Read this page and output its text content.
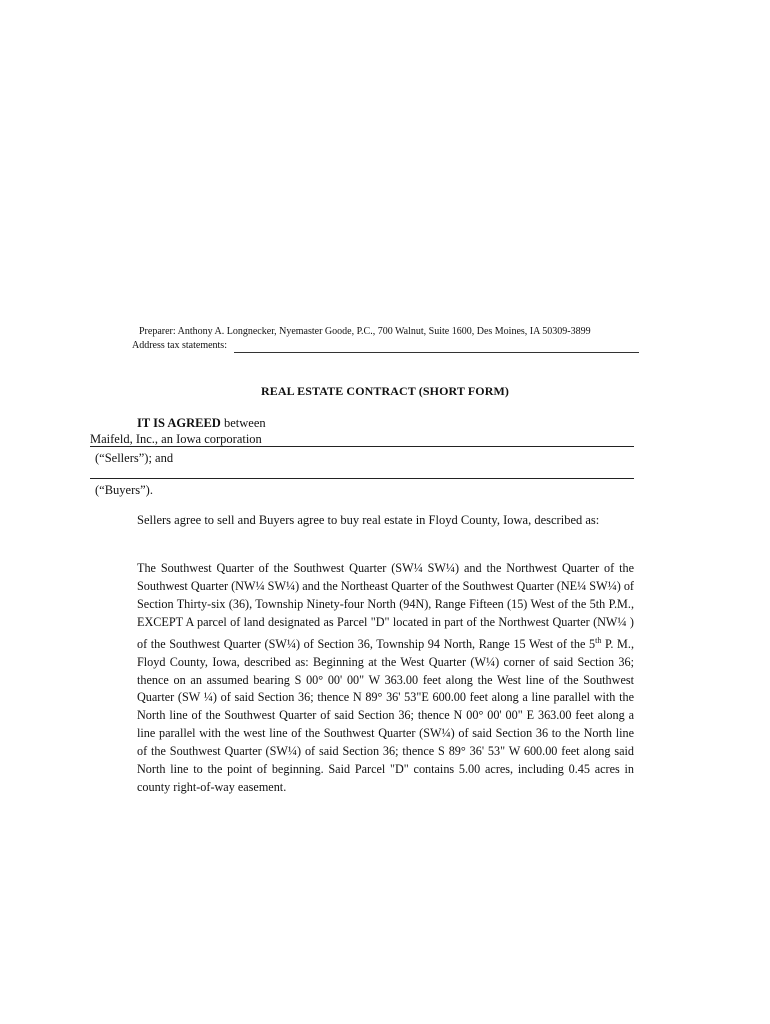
Preparer: Anthony A. Longnecker, Nyemaster Goode, P.C., 700 Walnut, Suite 1600, Des Moines, IA 50309-3899
Address tax statements:
REAL ESTATE CONTRACT (SHORT FORM)
IT IS AGREED between
Maifeld, Inc., an Iowa corporation
(“Sellers”); and
(“Buyers”).
Sellers agree to sell and Buyers agree to buy real estate in Floyd County, Iowa, described as:
The Southwest Quarter of the Southwest Quarter (SW¼ SW¼) and the Northwest Quarter of the Southwest Quarter (NW¼ SW¼) and the Northeast Quarter of the Southwest Quarter (NE¼ SW¼) of Section Thirty-six (36), Township Ninety-four North (94N), Range Fifteen (15) West of the 5th P.M., EXCEPT A parcel of land designated as Parcel "D" located in part of the Northwest Quarter (NW¼ ) of the Southwest Quarter (SW¼) of Section 36, Township 94 North, Range 15 West of the 5th P. M., Floyd County, Iowa, described as: Beginning at the West Quarter (W¼) corner of said Section 36; thence on an assumed bearing S 00° 00' 00" W 363.00 feet along the West line of the Southwest Quarter (SW ¼) of said Section 36; thence N 89° 36' 53"E 600.00 feet along a line parallel with the North line of the Southwest Quarter of said Section 36; thence N 00° 00' 00" E 363.00 feet along a line parallel with the west line of the Southwest Quarter (SW¼) of said Section 36 to the North line of the Southwest Quarter (SW¼) of said Section 36; thence S 89° 36' 53" W 600.00 feet along said North line to the point of beginning. Said Parcel "D" contains 5.00 acres, including 0.45 acres in county right-of-way easement.
